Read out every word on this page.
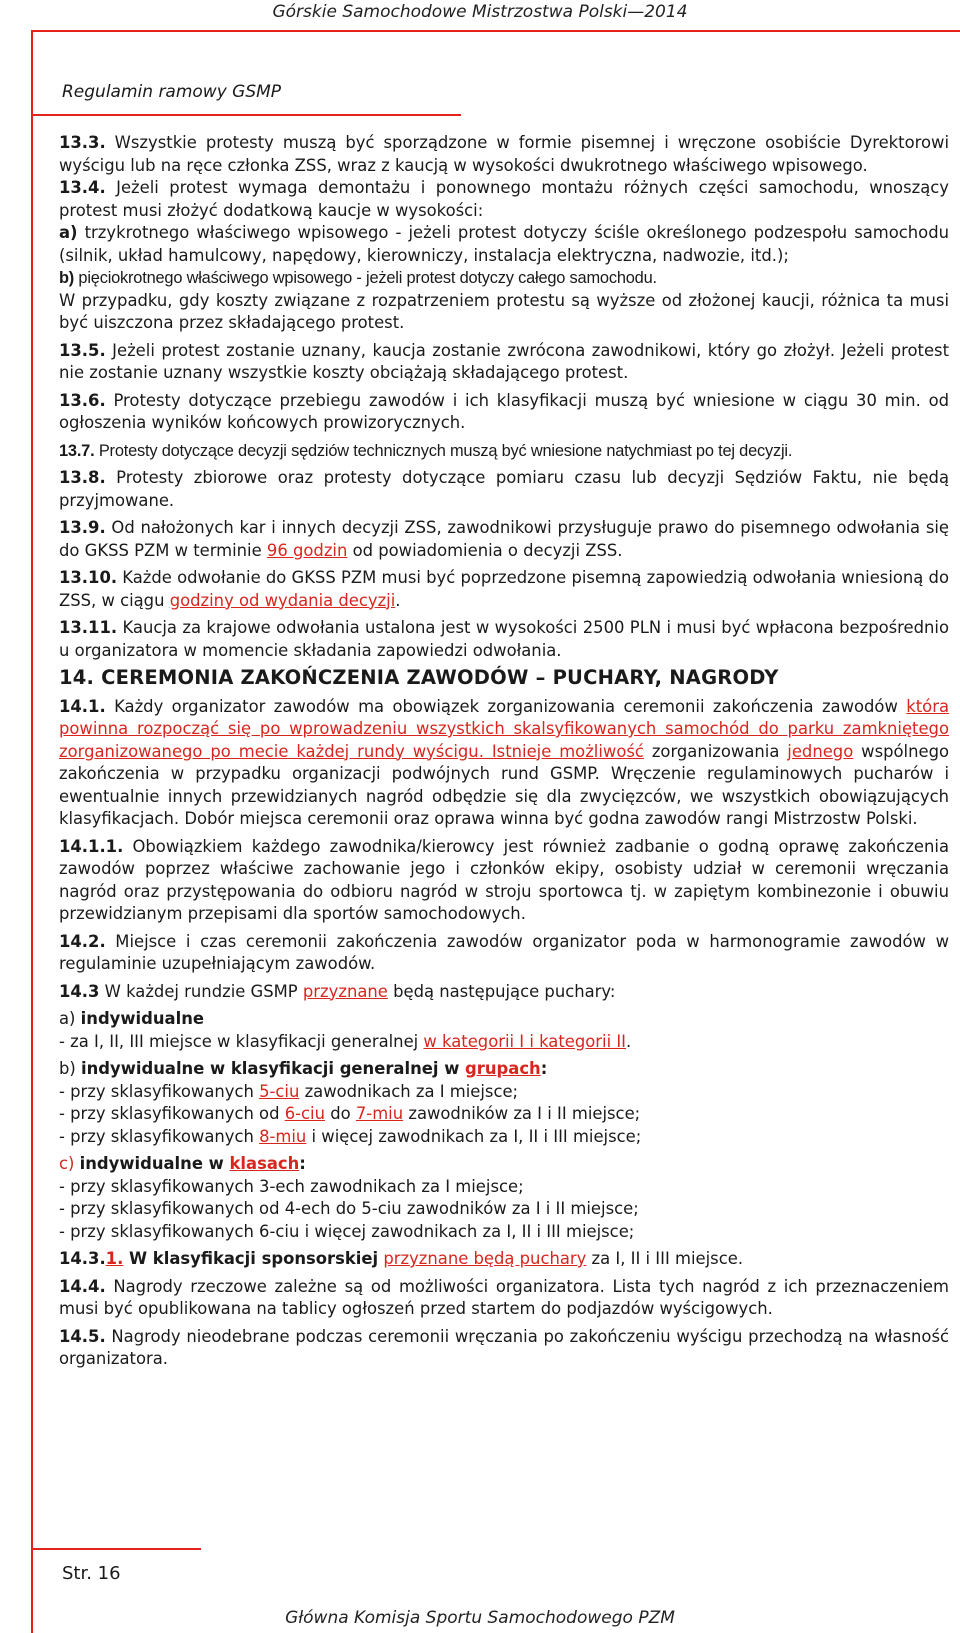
Górskie Samochodowe Mistrzostwa Polski—2014
Regulamin ramowy GSMP

13.3. Wszystkie protesty muszą być sporządzone w formie pisemnej i wręczone osobiście Dyrektorowi wyścigu lub na ręce członka ZSS, wraz z kaucją w wysokości dwukrotnego właściwego wpisowego.

13.4. Jeżeli protest wymaga demontażu i ponownego montażu różnych części samochodu, wnoszący protest musi złożyć dodatkową kaucje w wysokości:

a) trzykrotnego właściwego wpisowego - jeżeli protest dotyczy ściśle określonego podzespołu samochodu (silnik, układ hamulcowy, napędowy, kierowniczy, instalacja elektryczna, nadwozie, itd.);

b) pięciokrotnego właściwego wpisowego - jeżeli protest dotyczy całego samochodu.

W przypadku, gdy koszty związane z rozpatrzeniem protestu są wyższe od złożonej kaucji, różnica ta musi być uiszczona przez składającego protest.

13.5. Jeżeli protest zostanie uznany, kaucja zostanie zwrócona zawodnikowi, który go złożył. Jeżeli protest nie zostanie uznany wszystkie koszty obciążają składającego protest.

13.6. Protesty dotyczące przebiegu zawodów i ich klasyfikacji muszą być wniesione w ciągu 30 min. od ogłoszenia wyników końcowych prowizorycznych.

13.7. Protesty dotyczące decyzji sędziów technicznych muszą być wniesione natychmiast po tej decyzji.

13.8. Protesty zbiorowe oraz protesty dotyczące pomiaru czasu lub decyzji Sędziów Faktu, nie będą przyjmowane.

13.9. Od nałożonych kar i innych decyzji ZSS, zawodnikowi przysługuje prawo do pisemnego odwołania się do GKSS PZM w terminie 96 godzin od powiadomienia o decyzji ZSS.

13.10. Każde odwołanie do GKSS PZM musi być poprzedzone pisemną zapowiedzią odwołania wniesioną do ZSS, w ciągu godziny od wydania decyzji.

13.11. Kaucja za krajowe odwołania ustalona jest w wysokości 2500 PLN i musi być wpłacona bezpośrednio u organizatora w momencie składania zapowiedzi odwołania.

14. CEREMONIA ZAKOŃCZENIA ZAWODÓW – PUCHARY, NAGRODY

14.1. Każdy organizator zawodów ma obowiązek zorganizowania ceremonii zakończenia zawodów która powinna rozpocząć się po wprowadzeniu wszystkich skalsyfikowanych samochód do parku zamkniętego zorganizowanego po mecie każdej rundy wyścigu. Istnieje możliwość zorganizowania jednego wspólnego zakończenia w przypadku organizacji podwójnych rund GSMP. Wręczenie regulaminowych pucharów i ewentualnie innych przewidzianych nagród odbędzie się dla zwycięzców, we wszystkich obowiązujących klasyfikacjach. Dobór miejsca ceremonii oraz oprawa winna być godna zawodów rangi Mistrzostw Polski.

14.1.1. Obowiązkiem każdego zawodnika/kierowcy jest również zadbanie o godną oprawę zakończenia zawodów poprzez właściwe zachowanie jego i członków ekipy, osobisty udział w ceremonii wręczania nagród oraz przystępowania do odbioru nagród w stroju sportowca tj. w zapiętym kombinezonie i obuwiu przewidzianym przepisami dla sportów samochodowych.

14.2. Miejsce i czas ceremonii zakończenia zawodów organizator poda w harmonogramie zawodów w regulaminie uzupełniającym zawodów.

14.3 W każdej rundzie GSMP przyznane będą następujące puchary:

a) indywidualne

- za I, II, III miejsce w klasyfikacji generalnej w kategorii I i kategorii II.

b) indywidualne w klasyfikacji generalnej w grupach:

- przy sklasyfikowanych 5-ciu zawodnikach za I miejsce;

- przy sklasyfikowanych od 6-ciu do 7-miu zawodników za I i II miejsce;

- przy sklasyfikowanych 8-miu i więcej zawodnikach za I, II i III miejsce;

c) indywidualne w klasach:

- przy sklasyfikowanych 3-ech zawodnikach za I miejsce;

- przy sklasyfikowanych od 4-ech do 5-ciu zawodników za I i II miejsce;

- przy sklasyfikowanych 6-ciu i więcej zawodnikach za I, II i III miejsce;

14.3.1. W klasyfikacji sponsorskiej przyznane będą puchary za I, II i III miejsce.

14.4. Nagrody rzeczowe zależne są od możliwości organizatora. Lista tych nagród z ich przeznaczeniem musi być opublikowana na tablicy ogłoszeń przed startem do podjazdów wyścigowych.

14.5. Nagrody nieodebrane podczas ceremonii wręczania po zakończeniu wyścigu przechodzą na własność organizatora.

Str. 16
Główna Komisja Sportu Samochodowego PZM
